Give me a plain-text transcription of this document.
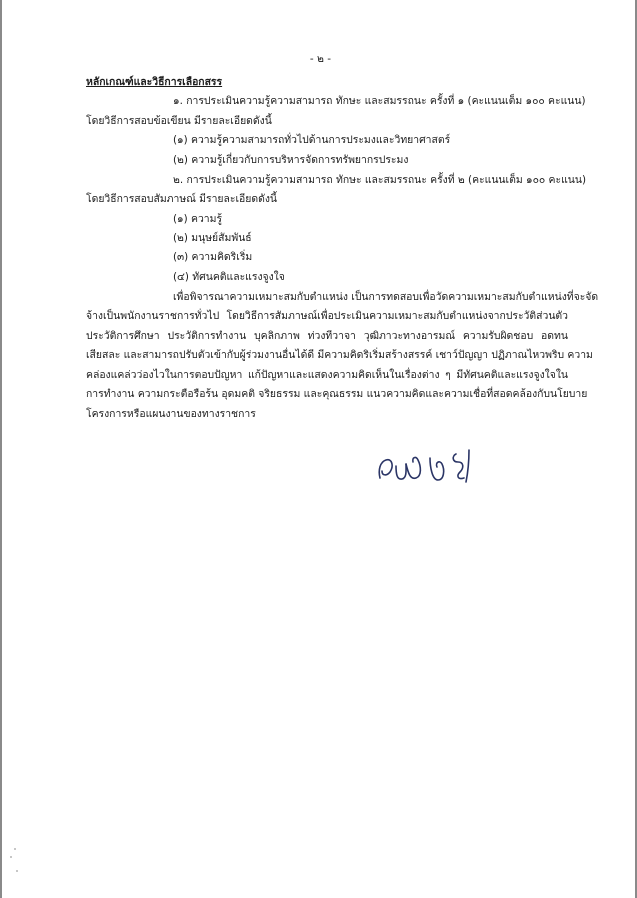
- ๒ -
หลักเกณฑ์และวิธีการเลือกสรร
๑. การประเมินความรู้ความสามารถ ทักษะ และสมรรถนะ ครั้งที่ ๑ (คะแนนเต็ม ๑๐๐ คะแนน)
โดยวิธีการสอบข้อเขียน มีรายละเอียดดังนี้
(๑) ความรู้ความสามารถทั่วไปด้านการประมงและวิทยาศาสตร์
(๒) ความรู้เกี่ยวกับการบริหารจัดการทรัพยากรประมง
๒. การประเมินความรู้ความสามารถ ทักษะ และสมรรถนะ ครั้งที่ ๒ (คะแนนเต็ม ๑๐๐ คะแนน)
โดยวิธีการสอบสัมภาษณ์ มีรายละเอียดดังนี้
(๑) ความรู้
(๒) มนุษย์สัมพันธ์
(๓) ความคิดริเริ่ม
(๔) ทัศนคติและแรงจูงใจ
เพื่อพิจารณาความเหมาะสมกับตำแหน่ง เป็นการทดสอบเพื่อวัดความเหมาะสมกับตำแหน่งที่จะจัด
จ้างเป็นพนักงานราชการทั่วไป โดยวิธีการสัมภาษณ์เพื่อประเมินความเหมาะสมกับตำแหน่งจากประวัติส่วนตัว
ประวัติการศึกษา ประวัติการทำงาน บุคลิกภาพ ท่วงทีวาจา วุฒิภาวะทางอารมณ์ ความรับผิดชอบ อดทน
เสียสละ และสามารถปรับตัวเข้ากับผู้ร่วมงานอื่นได้ดี มีความคิดริเริ่มสร้างสรรค์ เชาว์ปัญญา ปฏิภาณไหวพริบ ความ
คล่องแคล่วว่องไวในการตอบปัญหา แก้ปัญหาและแสดงความคิดเห็นในเรื่องต่าง ๆ มีทัศนคติและแรงจูงใจใน
การทำงาน ความกระตือรือร้น อุดมคติ จริยธรรม และคุณธรรม แนวความคิดและความเชื่อที่สอดคล้องกับนโยบาย
โครงการหรือแผนงานของทางราชการ
